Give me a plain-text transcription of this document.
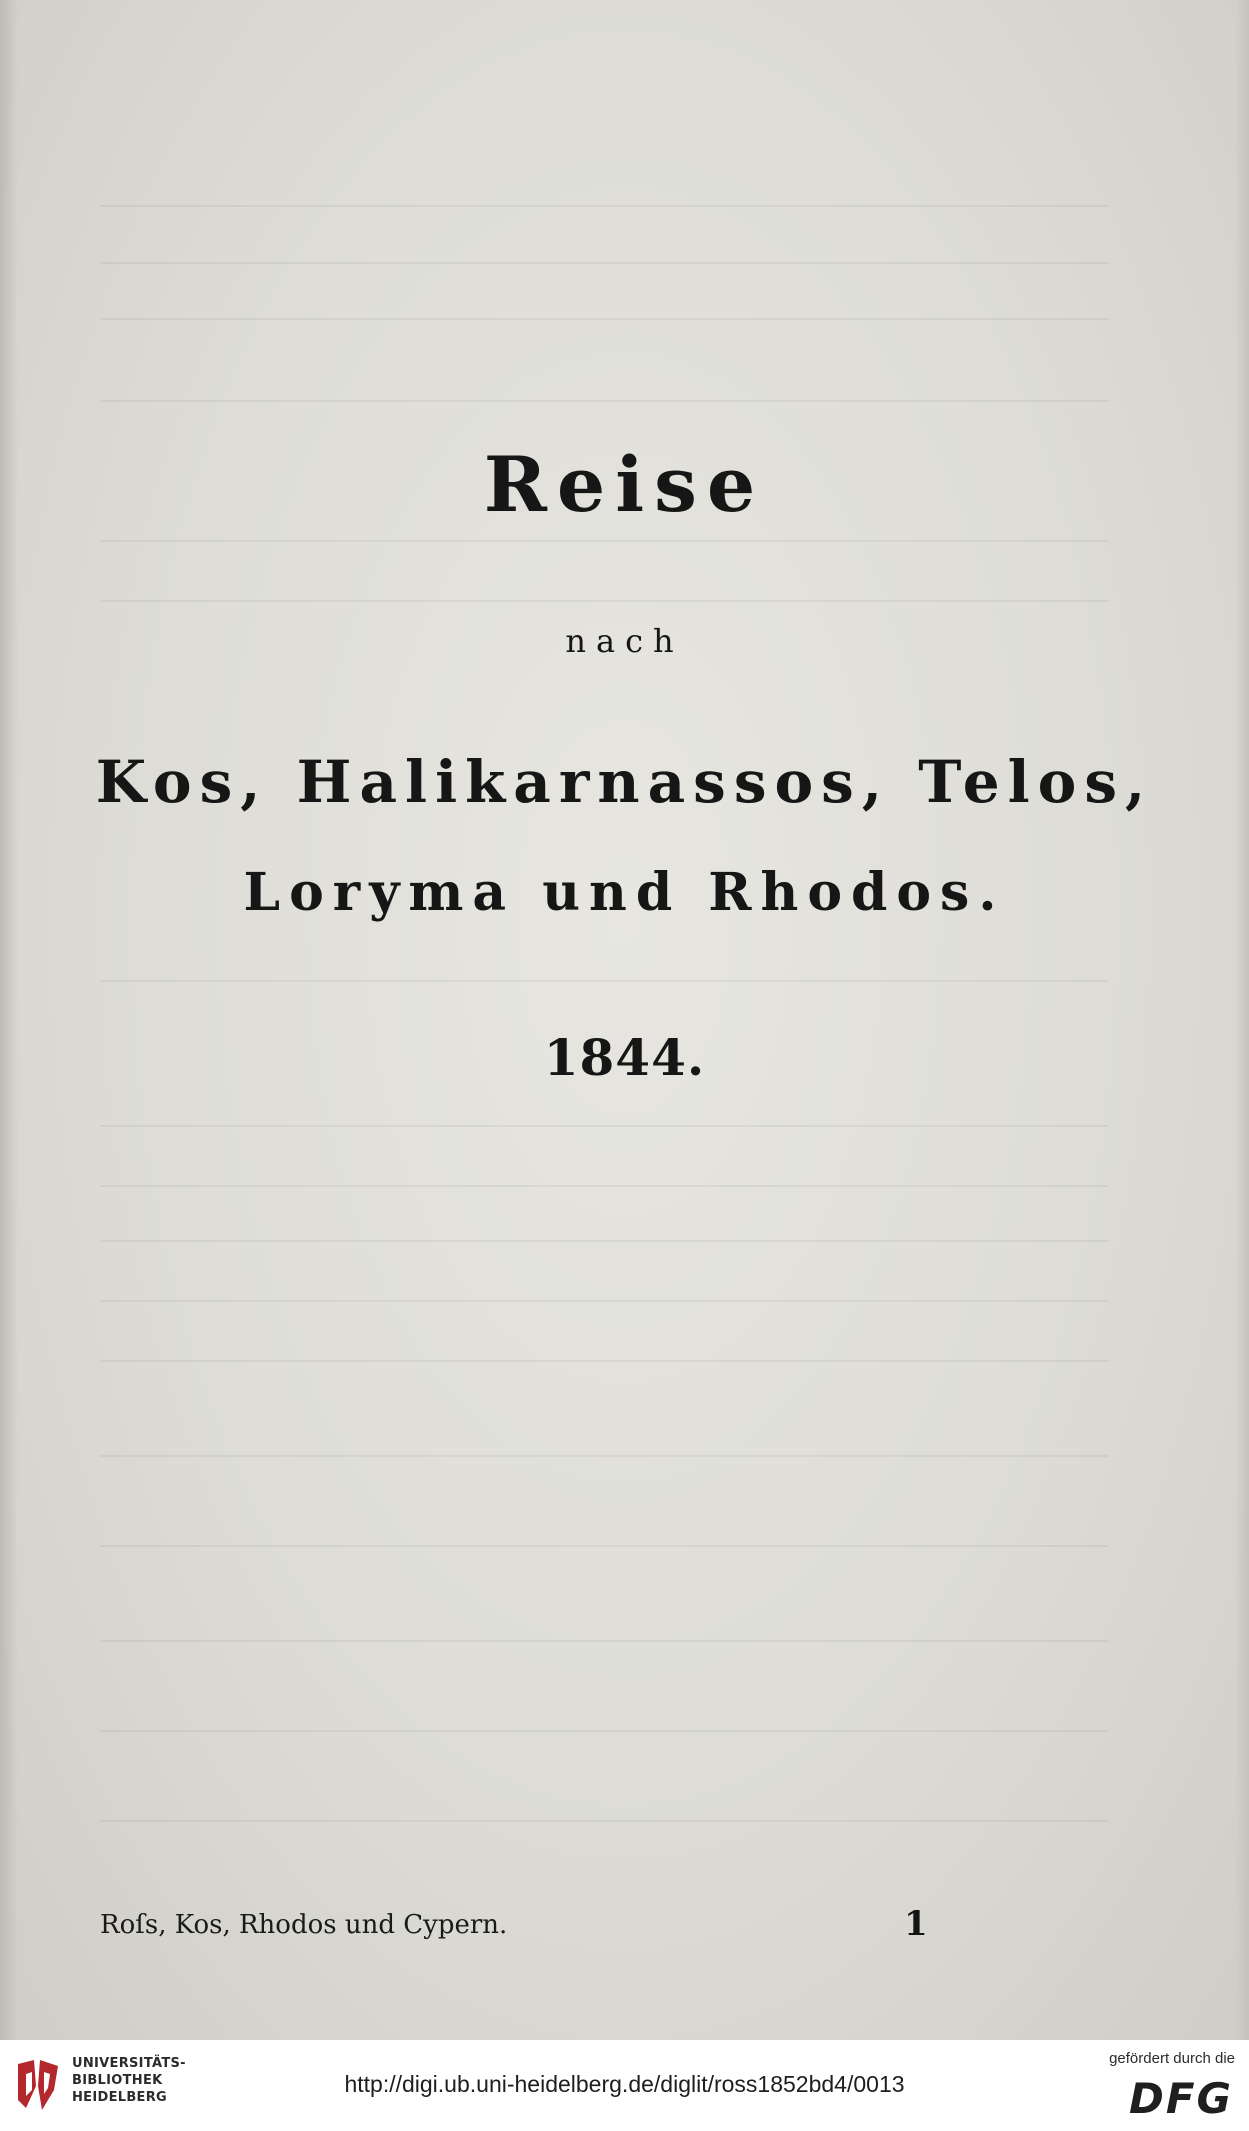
Reise
nach
Kos, Halikarnassos, Telos,
Loryma und Rhodos.
1844.
Roſs, Kos, Rhodos und Cypern.	1
UNIVERSITÄTS-
BIBLIOTHEK
HEIDELBERG
http://digi.ub.uni-heidelberg.de/diglit/ross1852bd4/0013
gefördert durch die
DFG
